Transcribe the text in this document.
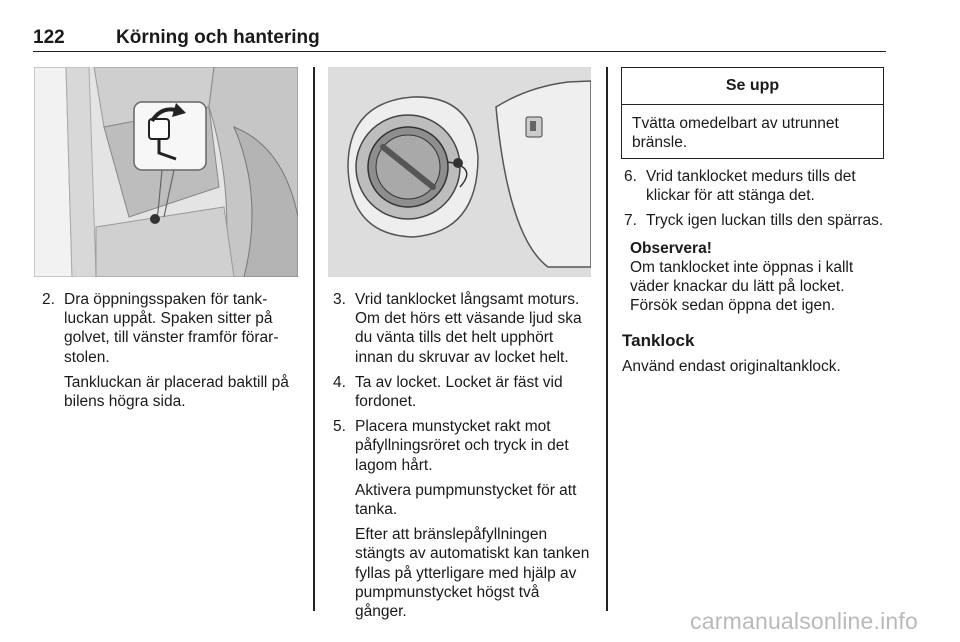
122	Körning och hantering
2. Dra öppningsspaken för tank-luckan uppåt. Spaken sitter på golvet, till vänster framför förar-stolen.
Tankluckan är placerad baktill på bilens högra sida.
3. Vrid tanklocket långsamt moturs. Om det hörs ett väsande ljud ska du vänta tills det helt upphört innan du skruvar av locket helt.
4. Ta av locket. Locket är fäst vid fordonet.
5. Placera munstycket rakt mot påfyllningsröret och tryck in det lagom hårt.
Aktivera pumpmunstycket för att tanka.
Efter att bränslepåfyllningen stängts av automatiskt kan tanken fyllas på ytterligare med hjälp av pumpmunstycket högst två gånger.
Se upp
Tvätta omedelbart av utrunnet bränsle.
6. Vrid tanklocket medurs tills det klickar för att stänga det.
7. Tryck igen luckan tills den spärras.
Observera!
Om tanklocket inte öppnas i kallt väder knackar du lätt på locket. Försök sedan öppna det igen.
Tanklock
Använd endast originaltanklock.
carmanualsonline.info
